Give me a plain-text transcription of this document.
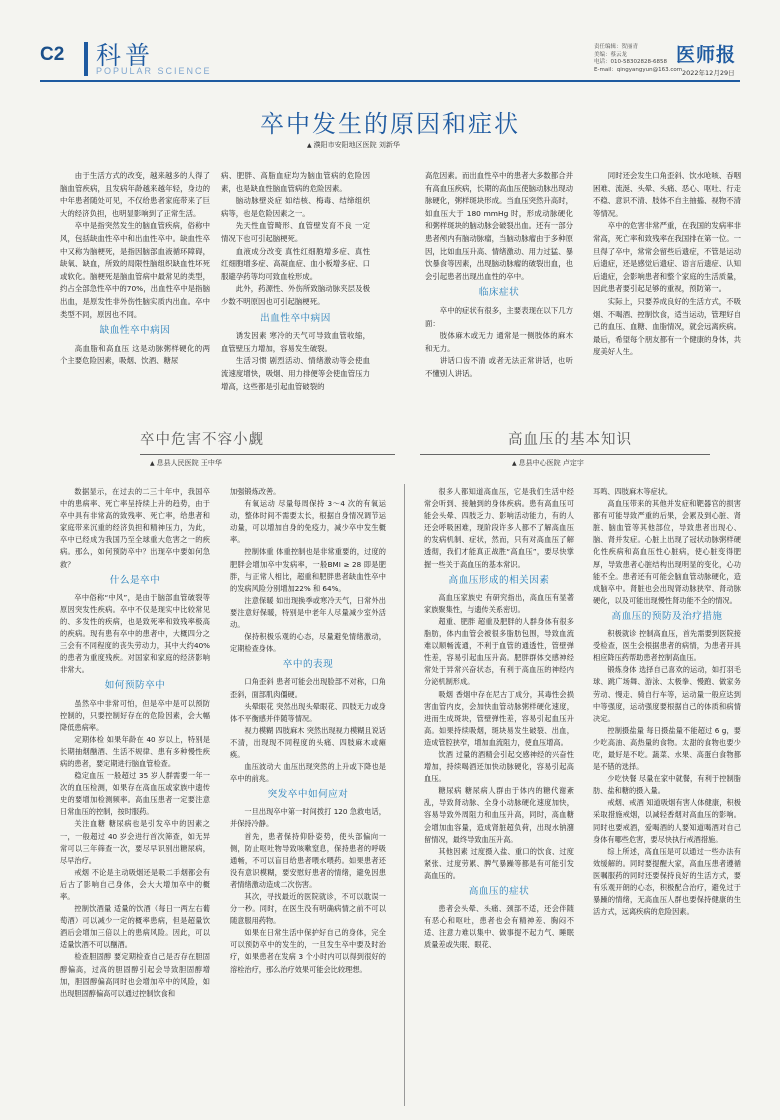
C2 科普
POPULAR SCIENCE
责任编辑：贺丽青
美编：蔡云龙
电话：010-58302828-6858
E-mail：qingyangyun@163.com
医师报
2022年12月29日
卒中发生的原因和症状
▲ 濮阳市安阳地区医院 刘新华

由于生活方式的改变，越来越多的人得了脑血管疾病，且发病年龄越来越年轻，身边的中年患者随处可见，不仅给患者家庭带来了巨大的经济负担，也明显影响到了正常生活。

卒中是指突然发生的脑血管疾病，俗称中风，包括缺血性卒中和出血性卒中。缺血性卒中又称为脑梗死，是指因脑部血液循环障碍，缺氧、缺血，所致的局限性脑组织缺血性坏死或软化。脑梗死是脑血管病中最常见的类型，约占全部急性卒中的70%，出血性卒中是指脑出血，是原发性非外伤性脑实质内出血。卒中类型不同，原因也不同。

缺血性卒中病因

高血脂和高血压 这是动脉粥样硬化的两个主要危险因素，吸烟、饮酒、糖尿

病、肥胖、高脂血症均为脑血管病的危险因素，也是缺血性脑血管病的危险因素。

脑动脉壁炎症 如结核、梅毒、结缔组织病等，也是危险因素之一。

先天性血管畸形、血管壁发育不良 一定情况下也可引起脑梗死。

血液成分改变 真性红细胞增多症、真性红细胞增多症、高凝血症、血小板增多症、口服避孕药等均可致血栓形成。

此外，药源性、外伤所致脑动脉夹层及极少数不明原因也可引起脑梗死。

出血性卒中病因

诱发因素 寒冷的天气可导致血管收缩，血管壁压力增加，容易发生破裂。

生活习惯 剧烈活动、情绪激动等会使血流速度增快，吸烟、用力排便等会使血管压力增高，这些都是引起血管破裂的

高危因素。而出血性卒中的患者大多数都合并有高血压疾病，长期的高血压使脑动脉出现动脉硬化，粥样斑块形成。当血压突然升高时，如血压大于 180 mmHg 时，形成动脉硬化和粥样斑块的脑动脉会破裂出血。还有一部分患者颅内有脑动脉瘤，当脑动脉瘤由于多种原因，比如血压升高、情绪激动、用力过猛、暴饮暴食等因素，出现脑动脉瘤的破裂出血，也会引起患者出现出血性的卒中。

临床症状

卒中的症状有很多，主要表现在以下几方面：

肢体麻木或无力 通常是一侧肢体的麻木和无力。

讲话口齿不清 或者无法正常讲话，也听不懂别人讲话。

同时还会发生口角歪斜、饮水呛咳、吞咽困难、流涎、头晕、头痛、恶心、呕吐、行走不稳、意识不清、肢体不自主抽搐、视物不清等情况。

卒中的危害非常严重，在我国的发病率非常高，死亡率和致残率在我国排在第一位。一旦得了卒中，常常会留些后遗症，不管是运动后遗症，还是感觉后遗症、语言后遗症、认知后遗症，会影响患者和整个家庭的生活质量，因此患者要引起足够的重视，预防第一。

实际上，只要养成良好的生活方式，不吸烟、不喝酒、控制饮食，适当运动，管理好自己的血压、血糖、血脂情况，就会远离疾病。最后，希望每个朋友都有一个健康的身体，共度美好人生。

卒中危害不容小觑
▲ 息县人民医院 王中华
高血压的基本知识
▲ 息县中心医院 卢定宇

数据显示，在过去的二三十年中，我国卒中的患病率、死亡率呈持续上升的趋势，由于卒中具有非常高的致残率、死亡率，给患者和家庭带来沉重的经济负担和精神压力，为此，卒中已经成为我国乃至全球重大危害之一的疾病。那么，如何预防卒中？出现卒中要如何急救？

什么是卒中

卒中俗称“中风”，是由于脑部血管破裂等原因突发性疾病。卒中不仅是现实中比较常见的、多发性的疾病，也是致死率和致残率极高的疾病。现有患有卒中的患者中，大概四分之三会有不同程度的丧失劳动力，其中大约40%的患者为重度残疾。对国家和家庭的经济影响非常大。

如何预防卒中

虽然卒中非常可怕，但是卒中是可以预防控制的，只要控制好存在的危险因素，会大幅降低患病率。

定期体检 如果年龄在 40 岁以上，特别是长期抽烟酗酒、生活不规律、患有多种慢性疾病的患者，要定期进行脑血管检查。

稳定血压 一般超过 35 岁人群需要一年一次的血压检测，如果存在高血压或家族中遗传史的要增加检测频率。高血压患者一定要注意日常血压的控制，按时服药。

关注血糖 糖尿病也是引发卒中的因素之一，一般超过 40 岁会进行首次筛查，如无异常可以三年筛查一次，要尽早识别出糖尿病，尽早治疗。

戒烟 不论是主动吸烟还是吸二手烟都会有后古了影响自己身体，会大大增加卒中的概率。

控制饮酒量 适量的饮酒（每日一两左右葡萄酒）可以减少一定的概率患病，但是超量饮酒后会增加三倍以上的患病风险。因此，可以适量饮酒不可以酗酒。

检查胆固醇 要定期检查自己是否存在胆固醇偏高，过高的胆固醇引起会导致胆固醇增加，胆固醇偏高同时也会增加卒中的风险，如出现胆固醇偏高可以通过控制饮食和

加强锻炼改善。

有氧运动 尽量每周保持 3～4 次的有氧运动，整体时间不需要太长，根据自身情况调节运动量，可以增加自身的免疫力，减少卒中发生概率。

控制体重 体重控制也是非常重要的，过度的肥胖会增加卒中发病率，一般BMI ≥ 28 即是肥胖，与正常人相比，超重和肥胖患者缺血性卒中的发病风险分别增加22% 和 64%。

注意保暖 如出现换季或寒冷天气，日常外出要注意好保暖，特别是中老年人尽量减少室外活动。

保持积极乐观的心态，尽量避免情绪激动，定期检查身体。

卒中的表现

口角歪斜 患者可能会出现脸部不对称，口角歪斜，面部肌肉僵硬。

头晕眼花 突然出现头晕眼花、四肢无力或身体不平衡感并伴随等情况。

视力模糊 四肢麻木 突然出现视力模糊且说话不清，出现现不同程度的头痛、四肢麻木或瘫痪。

血压波动大 血压出现突然的上升或下降也是卒中的前兆。

突发卒中如何应对

一旦出现卒中第一时间拨打 120 急救电话，并保持冷静。

首先，患者保持仰卧姿势，使头部偏向一侧，防止呕吐物导致咳嗽窒息，保持患者的呼吸通畅，不可以盲目给患者喂水喂药。如果患者还没有意识模糊，要安慰好患者的情绪，避免因患者情绪激动造成二次伤害。

其次，寻找最近的医院就诊，不可以耽误一分一秒。同时，在医生没有明确病情之前不可以随意服用药物。

如果在日常生活中保护好自己的身体，完全可以预防卒中的发生的，一旦发生卒中要及时治疗，如果患者在发病 3 个小时内可以得到很好的溶栓治疗，那么治疗效果可能会比较理想。

很多人都知道高血压，它是我们生活中经常会听到、接触到的身体疾病。患有高血压可能会头晕、四肢乏力、影响活动能力，有的人还会呼吸困难，现阶段许多人都不了解高血压的发病机制、症状，然而，只有对高血压了解透彻，我们才能真正战胜“高血压”，要尽快掌握一些关于高血压的基本常识。

高血压形成的相关因素

高血压家族史 有研究指出，高血压有显著家族聚集性，与遗传关系密切。

超重、肥胖 超重及肥胖的人群身体有很多脂肪，体内血管会被很多脂肪包围，导致血流难以顺畅流通，不利于血管的通透性，管壁弹性差，容易引起血压升高。肥胖群体交感神经常处于异常兴奋状态，有利于高血压的神经内分泌机制形成。

吸烟 香烟中存在尼古丁成分，其毒性会损害血管内皮，会加快血管动脉粥样硬化速度，进而生成斑块，管壁弹性差，容易引起血压升高。如果持续吸烟，斑块易发生破裂、出血，造成管腔狭窄，增加血流阻力，使血压增高。

饮酒 过量的酒精会引起交感神经的兴奋性增加，持续喝酒还加快动脉硬化，容易引起高血压。

糖尿病 糖尿病人群由于体内的糖代谢紊乱，导致肾动脉、全身小动脉硬化速度加快，容易导致外周阻力和血压升高，同时，高血糖会增加血容量，造成肾脏超负荷，出现水钠潴留情况，最终导致血压升高。

其他因素 过度摄入盐、重口的饮食、过度紧张、过度劳累、脾气暴躁等都是有可能引发高血压的。

高血压的症状

患者会头晕、头痛、颈部不适，还会伴随有恶心和呕吐，患者也会有精神差、胸闷不适、注意力难以集中、做事提不起力气、睡眠质量差或失眠、眼花、

耳鸣、四肢麻木等症状。

高血压带来的其他并发症和靶器官的损害都有可能导致严重的后果，会累及到心脏、肾脏、脑血管等其他部位，导致患者出现心、脑、肾并发症。心脏上出现了冠状动脉粥样硬化性疾病和高血压性心脏病，使心脏变得肥厚，导致患者心脏结构出现明显的变化，心功能不全。患者还有可能会脑血管动脉硬化，造成脑卒中。肾脏也会出现肾动脉狭窄、肾动脉硬化，以及可能出现慢性肾功能不全的情况。

高血压的预防及治疗措施

积极就诊 控制高血压，首先需要到医院接受检查，医生会根据患者的病情，为患者开具相应降压药帮助患者控制高血压。

锻炼身体 选择自己喜欢的运动，如打羽毛球、跳广场舞、游泳、太极拳、慢跑、做家务劳动、慢走、骑自行车等，运动量一般应达到中等强度，运动强度要根据自己的体质和病情决定。

控制摄盐量 每日摄盐量不能超过 6 g，要少吃高油、高热量的食物。太甜的食物也要少吃，最好是不吃。蔬菜、水果、高蛋白食物都是不错的选择。

少吃快餐 尽量在家中就餐，有利于控制脂肪、盐和糖的摄入量。

戒烟、戒酒 知道吸烟有害人体健康，积极采取措施戒烟，以减轻香烟对高血压的影响。同时也要戒酒，爱喝酒的人要知道喝酒对自己身体有哪些危害，要尽快执行戒酒措施。

综上所述，高血压是可以通过一些办法有效缓解的。同时要提醒大家，高血压患者遵循医嘱服药的同时还要保持良好的生活方式，要有乐观开朗的心态，积极配合治疗，避免过于暴躁的情绪，无高血压人群也要保持健康的生活方式，远离疾病的危险因素。
